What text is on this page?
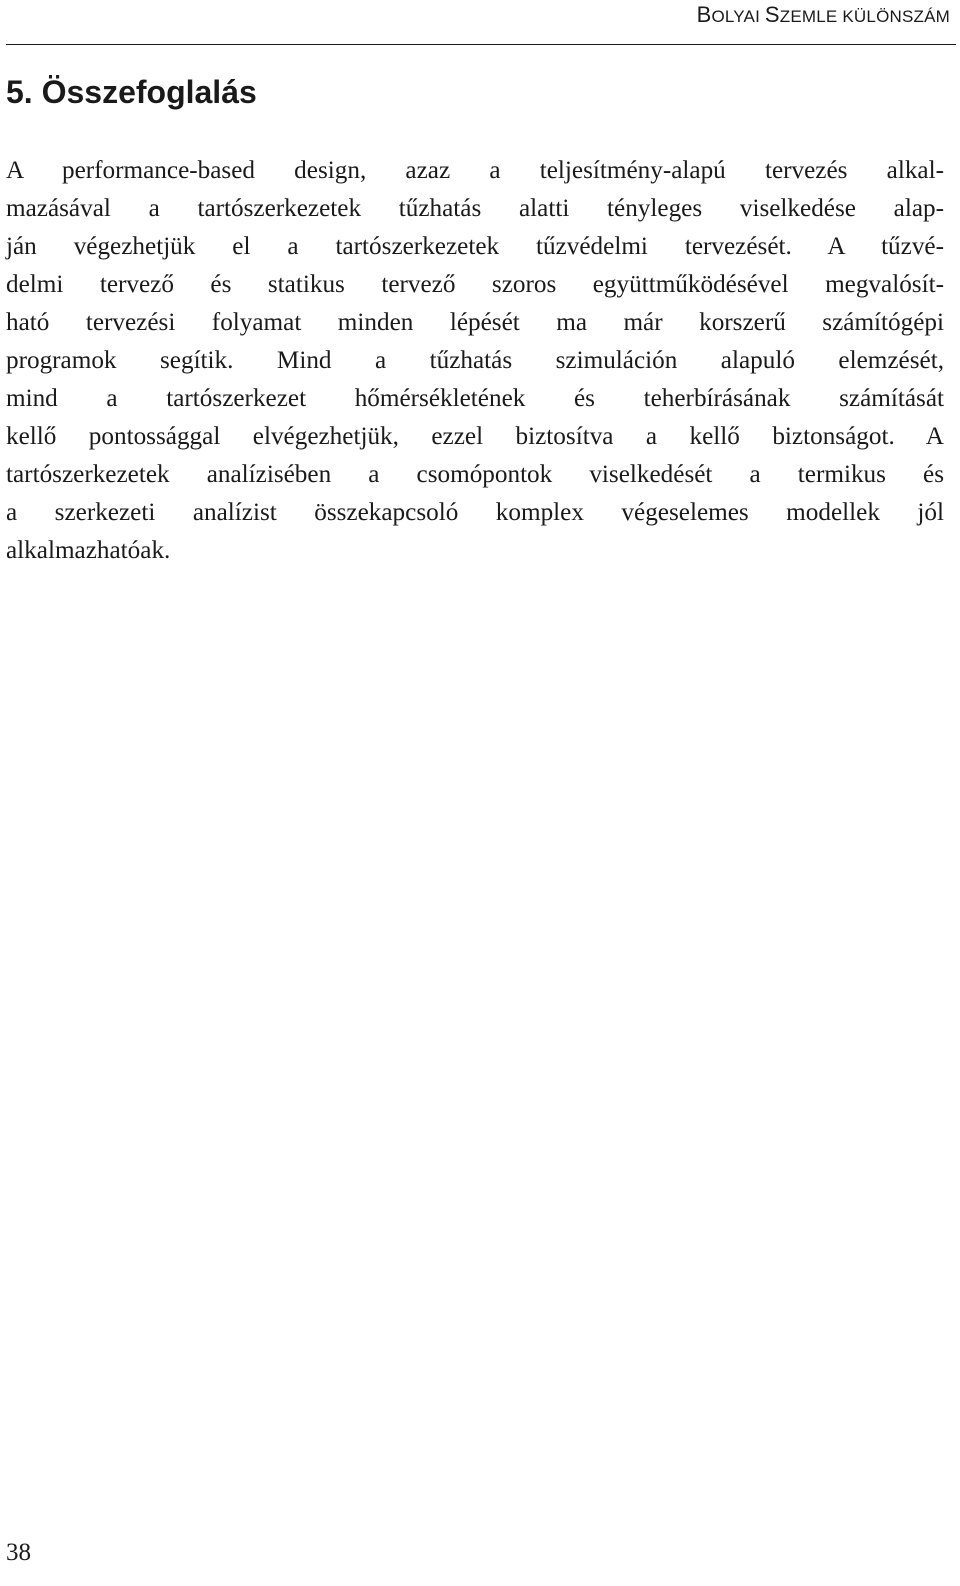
BOLYAI SZEMLE KÜLÖNSZÁM
5. Összefoglalás
A performance-based design, azaz a teljesítmény-alapú tervezés alkal-
mazásával a tartószerkezetek tűzhatás alatti tényleges viselkedése alap-
ján végezhetjük el a tartószerkezetek tűzvédelmi tervezését. A tűzvé-
delmi tervező és statikus tervező szoros együttműködésével megvalósít-
ható tervezési folyamat minden lépését ma már korszerű számítógépi
programok segítik. Mind a tűzhatás szimuláción alapuló elemzését,
mind a tartószerkezet hőmérsékletének és teherbírásának számítását
kellő pontossággal elvégezhetjük, ezzel biztosítva a kellő biztonságot. A
tartószerkezetek analízisében a csomópontok viselkedését a termikus és
a szerkezeti analízist összekapcsoló komplex végeselemes modellek jól
alkalmazhatóak.
38
